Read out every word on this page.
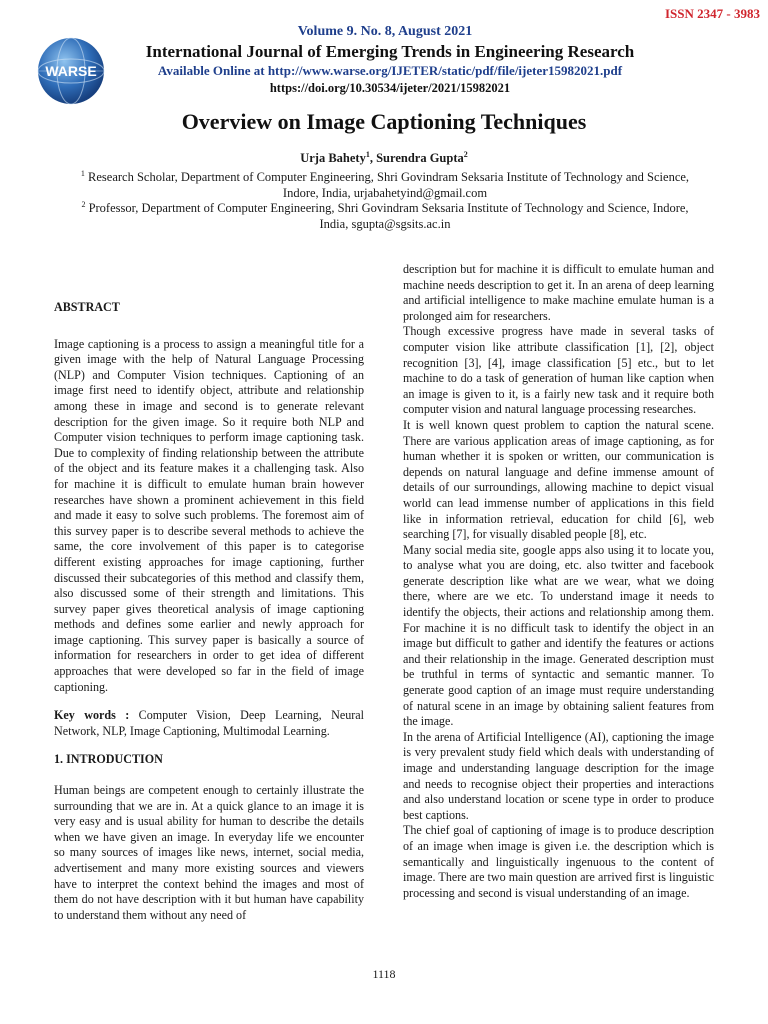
ISSN 2347 - 3983
WARSE
Volume 9. No. 8, August 2021
International Journal of Emerging Trends in Engineering Research
Available Online at http://www.warse.org/IJETER/static/pdf/file/ijeter15982021.pdf
https://doi.org/10.30534/ijeter/2021/15982021
Overview on Image Captioning Techniques
Urja Bahety$^1$, Surendra Gupta$^2$
$^1$ Research Scholar, Department of Computer Engineering, Shri Govindram Seksaria Institute of Technology and Science, Indore, India, urjabahetyind@gmail.com
$^2$ Professor, Department of Computer Engineering, Shri Govindram Seksaria Institute of Technology and Science, Indore, India, sgupta@sgsits.ac.in

ABSTRACT

Image captioning is a process to assign a meaningful title for a given image with the help of Natural Language Processing (NLP) and Computer Vision techniques. Captioning of an image first need to identify object, attribute and relationship among these in image and second is to generate relevant description for the given image. So it require both NLP and Computer vision techniques to perform image captioning task. Due to complexity of finding relationship between the attribute of the object and its feature makes it a challenging task. Also for machine it is difficult to emulate human brain however researches have shown a prominent achievement in this field and made it easy to solve such problems. The foremost aim of this survey paper is to describe several methods to achieve the same, the core involvement of this paper is to categorise different existing approaches for image captioning, further discussed their subcategories of this method and classify them, also discussed some of their strength and limitations. This survey paper gives theoretical analysis of image captioning methods and defines some earlier and newly approach for image captioning. This survey paper is basically a source of information for researchers in order to get idea of different approaches that were developed so far in the field of image captioning.

Key words : Computer Vision, Deep Learning, Neural Network, NLP, Image Captioning, Multimodal Learning.

1. INTRODUCTION

Human beings are competent enough to certainly illustrate the surrounding that we are in. At a quick glance to an image it is very easy and is usual ability for human to describe the details when we have given an image. In everyday life we encounter so many sources of images like news, internet, social media, advertisement and many more existing sources and viewers have to interpret the context behind the images and most of them do not have description with it but human have capability to understand them without any need of

description but for machine it is difficult to emulate human and machine needs description to get it. In an arena of deep learning and artificial intelligence to make machine emulate human is a prolonged aim for researchers.

Though excessive progress have made in several tasks of computer vision like attribute classification [1], [2], object recognition [3], [4], image classification [5] etc., but to let machine to do a task of generation of human like caption when an image is given to it, is a fairly new task and it require both computer vision and natural language processing researches.

It is well known quest problem to caption the natural scene. There are various application areas of image captioning, as for human whether it is spoken or written, our communication is depends on natural language and define immense amount of details of our surroundings, allowing machine to depict visual world can lead immense number of applications in this field like in information retrieval, education for child [6], web searching [7], for visually disabled people [8], etc.

Many social media site, google apps also using it to locate you, to analyse what you are doing, etc. also twitter and facebook generate description like what are we wear, what we doing there, where are we etc. To understand image it needs to identify the objects, their actions and relationship among them. For machine it is no difficult task to identify the object in an image but difficult to gather and identify the features or actions and their relationship in the image. Generated description must be truthful in terms of syntactic and semantic manner. To generate good caption of an image must require understanding of natural scene in an image by obtaining salient features from the image.

In the arena of Artificial Intelligence (AI), captioning the image is very prevalent study field which deals with understanding of image and understanding language description for the image and needs to recognise object their properties and interactions and also understand location or scene type in order to produce best captions.

The chief goal of captioning of image is to produce description of an image when image is given i.e. the description which is semantically and linguistically ingenuous to the content of image. There are two main question are arrived first is linguistic processing and second is visual understanding of an image.

1118
